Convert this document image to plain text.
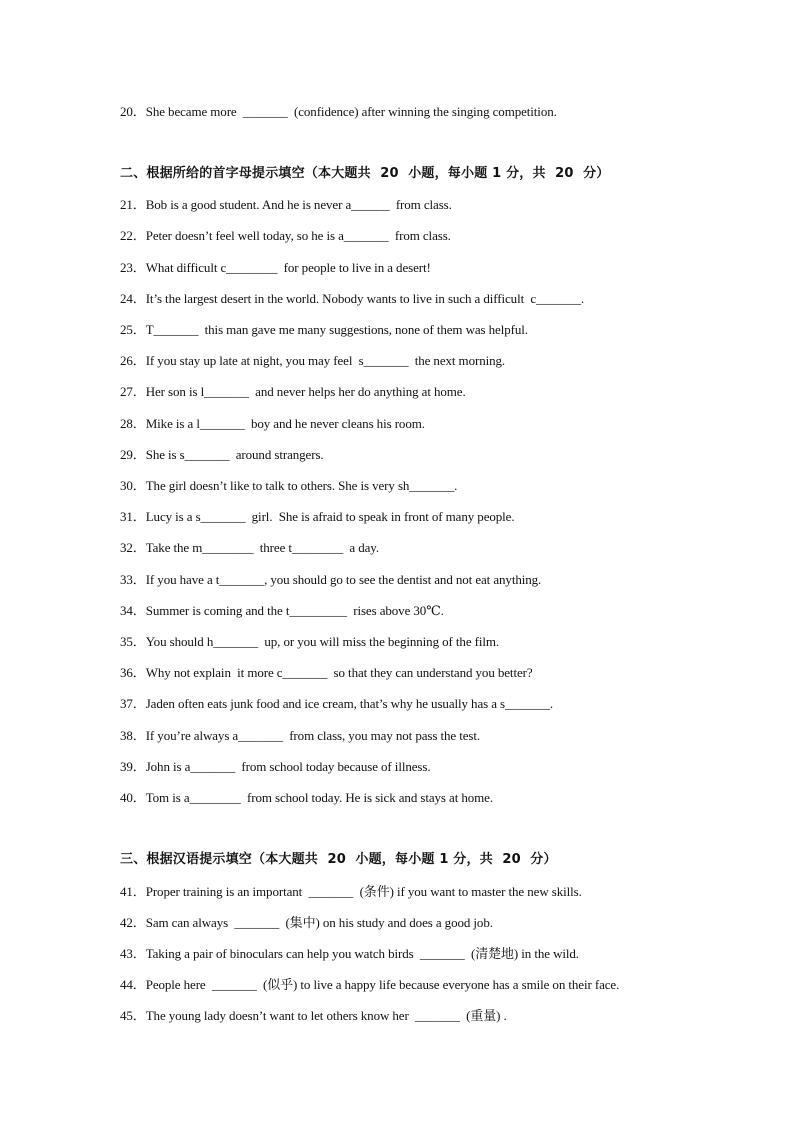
20．She became more  _______  (confidence) after winning the singing competition.
二、根据所给的首字母提示填空（本大题共  20  小题，每小题 1 分，共  20  分）
21．Bob is a good student. And he is never a______  from class.
22．Peter doesn’t feel well today, so he is a_______  from class.
23．What difficult c________  for people to live in a desert!
24．It’s the largest desert in the world. Nobody wants to live in such a difficult  c_______.
25．T_______  this man gave me many suggestions, none of them was helpful.
26．If you stay up late at night, you may feel  s_______  the next morning.
27．Her son is l_______  and never helps her do anything at home.
28．Mike is a l_______  boy and he never cleans his room.
29．She is s_______  around strangers.
30．The girl doesn’t like to talk to others. She is very sh_______.
31．Lucy is a s_______  girl.  She is afraid to speak in front of many people.
32．Take the m________  three t________  a day.
33．If you have a t_______, you should go to see the dentist and not eat anything.
34．Summer is coming and the t_________  rises above 30℃.
35．You should h_______  up, or you will miss the beginning of the film.
36．Why not explain  it more c_______  so that they can understand you better?
37．Jaden often eats junk food and ice cream, that’s why he usually has a s_______.
38．If you’re always a_______  from class, you may not pass the test.
39．John is a_______  from school today because of illness.
40．Tom is a________  from school today. He is sick and stays at home.
三、根据汉语提示填空（本大题共  20  小题，每小题 1 分，共  20  分）
41．Proper training is an important  _______  (条件) if you want to master the new skills.
42．Sam can always  _______  (集中) on his study and does a good job.
43．Taking a pair of binoculars can help you watch birds  _______  (清楚地) in the wild.
44．People here  _______  (似乎) to live a happy life because everyone has a smile on their face.
45．The young lady doesn’t want to let others know her  _______  (重量) .
